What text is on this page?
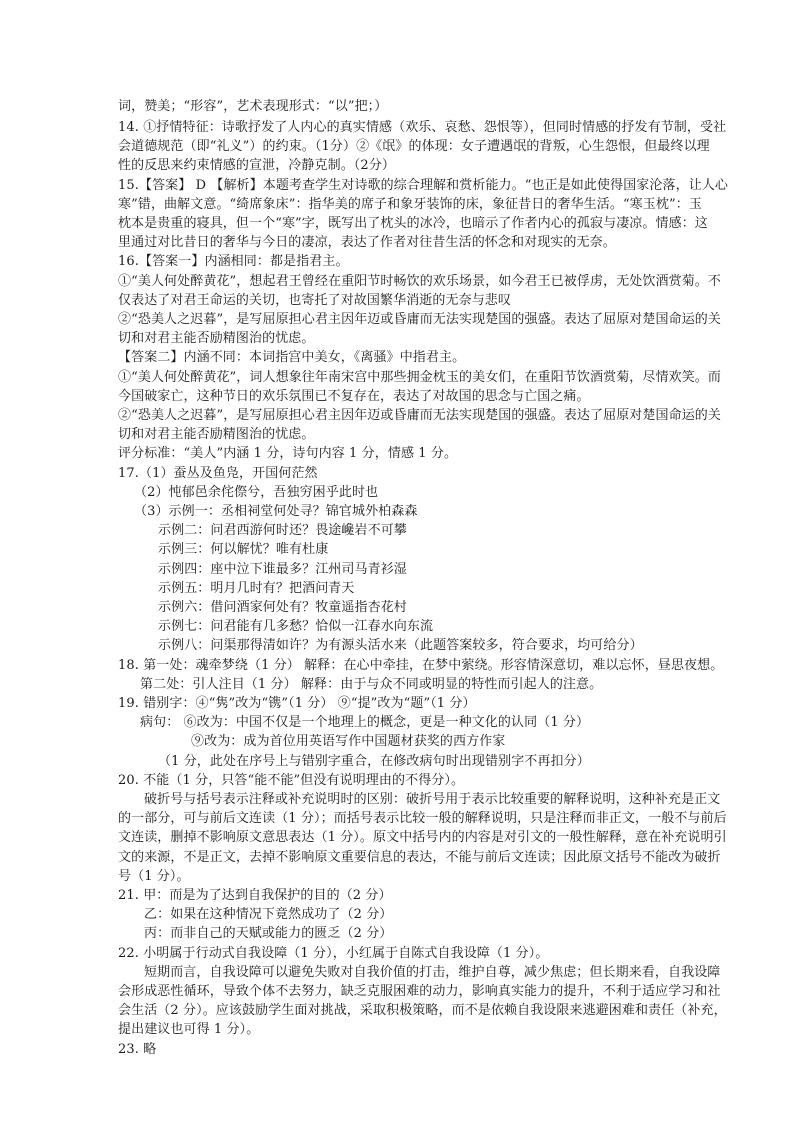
词，赞美；“形容”，艺术表现形式：“以”把；）
14. ①抒情特征：诗歌抒发了人内心的真实情感（欢乐、哀愁、怨恨等），但同时情感的抒发有节制，受社
会道德规范（即“礼义”）的约束。（1分）②《氓》的体现：女子遭遇氓的背叛，心生怨恨，但最终以理
性的反思来约束情感的宣泄，冷静克制。（2分）
15.【答案】 D 【解析】本题考查学生对诗歌的综合理解和赏析能力。“也正是如此使得国家沦落，让人心
寒”错，曲解文意。“绮席象床”：指华美的席子和象牙装饰的床，象征昔日的奢华生活。“寒玉枕”：玉
枕本是贵重的寝具，但一个“寒”字，既写出了枕头的冰冷，也暗示了作者内心的孤寂与凄凉。情感：这
里通过对比昔日的奢华与今日的凄凉，表达了作者对往昔生活的怀念和对现实的无奈。
16.【答案一】内涵相同：都是指君主。
①“美人何处醉黄花”，想起君王曾经在重阳节时畅饮的欢乐场景，如今君王已被俘虏，无处饮酒赏菊。不
仅表达了对君王命运的关切，也寄托了对故国繁华消逝的无奈与悲叹
②“恐美人之迟暮”，是写屈原担心君主因年迈或昏庸而无法实现楚国的强盛。表达了屈原对楚国命运的关
切和对君主能否励精图治的忧虑。
【答案二】内涵不同：本词指宫中美女，《离骚》中指君主。
①“美人何处醉黄花”，词人想象往年南宋宫中那些拥金枕玉的美女们，在重阳节饮酒赏菊，尽情欢笑。而
今国破家亡，这种节日的欢乐氛围已不复存在，表达了对故国的思念与亡国之痛。
②“恐美人之迟暮”，是写屈原担心君主因年迈或昏庸而无法实现楚国的强盛。表达了屈原对楚国命运的关
切和对君主能否励精图治的忧虑。
评分标准：“美人”内涵 1 分，诗句内容 1 分，情感 1 分。
17.（1）蚕丛及鱼凫，开国何茫然
（2）忳郁邑余侘傺兮，吾独穷困乎此时也
（3）示例一：丞相祠堂何处寻？锦官城外柏森森
示例二：问君西游何时还？畏途巉岩不可攀
示例三：何以解忧？唯有杜康
示例四：座中泣下谁最多？江州司马青衫湿
示例五：明月几时有？把酒问青天
示例六：借问酒家何处有？牧童遥指杏花村
示例七：问君能有几多愁？恰似一江春水向东流
示例八：问渠那得清如许？为有源头活水来（此题答案较多，符合要求，均可给分）
18. 第一处：魂牵梦绕（1 分） 解释：在心中牵挂，在梦中萦绕。形容情深意切，难以忘怀，昼思夜想。
第二处：引人注目（1 分） 解释：由于与众不同或明显的特性而引起人的注意。
19. 错别字：④“隽”改为“镌”（1 分） ⑨“提”改为“题”（1 分）
病句： ⑥改为：中国不仅是一个地理上的概念，更是一种文化的认同（1 分）
⑨改为：成为首位用英语写作中国题材获奖的西方作家
（1 分，此处在序号上与错别字重合，在修改病句时出现错别字不再扣分）
20. 不能（1 分，只答“能不能”但没有说明理由的不得分）。
破折号与括号表示注释或补充说明时的区别：破折号用于表示比较重要的解释说明，这种补充是正文
的一部分，可与前后文连读（1 分）；而括号表示比较一般的解释说明，只是注释而非正文，一般不与前后
文连读，删掉不影响原文意思表达（1 分）。原文中括号内的内容是对引文的一般性解释，意在补充说明引
文的来源，不是正文，去掉不影响原文重要信息的表达，不能与前后文连读；因此原文括号不能改为破折
号（1 分）。
21. 甲：而是为了达到自我保护的目的（2 分）
乙：如果在这种情况下竟然成功了（2 分）
丙：而非自己的天赋或能力的匮乏（2 分）
22. 小明属于行动式自我设障（1 分），小红属于自陈式自我设障（1 分）。
短期而言，自我设障可以避免失败对自我价值的打击，维护自尊，减少焦虑；但长期来看，自我设障
会形成恶性循环，导致个体不去努力，缺乏克服困难的动力，影响真实能力的提升，不利于适应学习和社
会生活（2 分）。应该鼓励学生面对挑战，采取积极策略，而不是依赖自我设限来逃避困难和责任（补充，
提出建议也可得 1 分）。
23. 略
